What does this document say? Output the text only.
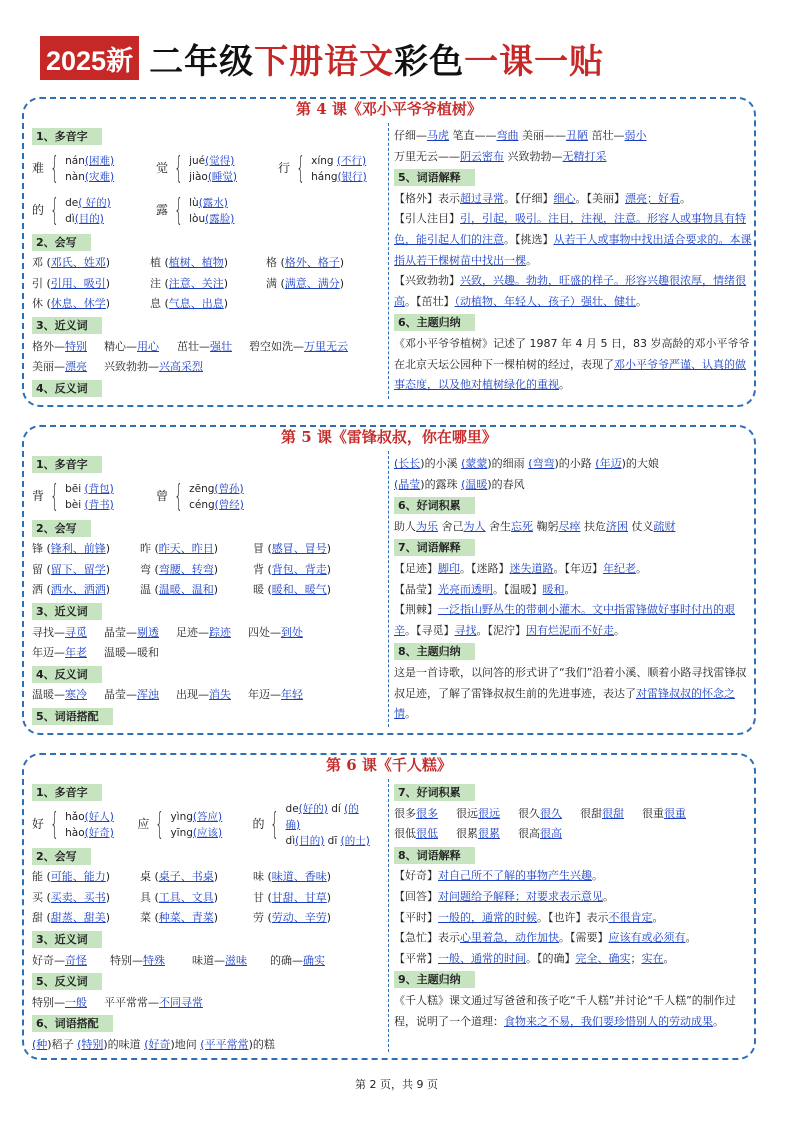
2025新 二年级下册语文彩色一课一贴
第 4 课《邓小平爷爷植树》
1、多音字
难 { nán(困难)
nàn(灾难)
觉 { jué(觉得)
jiào(睡觉)
行 { xíng (不行)
háng(银行)
的 { de( 好的)
dì(目的)
露 { lù(露水)
lòu(露脸)
2、会写
邓 (邓氏、姓邓)	植 (植树、植物)	格 (格外、格子)
引 (引用、吸引)	注 (注意、关注)	满 (满意、满分)
休 (休息、休学)	息 (气息、出息)
3、近义词
格外—特别 精心—用心 茁壮—强壮 碧空如洗—万里无云
美丽—漂亮 兴致勃勃—兴高采烈
4、反义词
仔细—马虎 笔直——弯曲 美丽——丑陋 茁壮—弱小
万里无云——阴云密布 兴致勃勃—无精打采
5、词语解释
【格外】表示超过寻常。【仔细】细心。【美丽】漂亮；好看。
【引人注目】引，引起，吸引。注目，注视，注意。形容人或事物具有特色，能引起人们的注意。【挑选】从若干人或事物中找出适合要求的。本课指从若干棵树苗中找出一棵。
【兴致勃勃】兴致，兴趣。勃勃，旺盛的样子。形容兴趣很浓厚，情绪很高。【茁壮】（动植物、年轻人、孩子）强壮、健壮。
6、主题归纳
《邓小平爷爷植树》记述了 1987 年 4 月 5 日，83 岁高龄的邓小平爷爷在北京天坛公园种下一棵柏树的经过，表现了邓小平爷爷严谨、认真的做事态度，以及他对植树绿化的重视。
第 5 课《雷锋叔叔，你在哪里》
1、多音字
背 { bēi (背包)
bèi (背书)
曾 { zēng(曾孙)
céng(曾经)
2、会写
锋 (锋利、前锋)	昨 (昨天、昨日)	冒 (感冒、冒号)
留 (留下、留学)	弯 (弯腰、转弯)	背 (背包、背走)
洒 (洒水、洒洒)	温 (温暖、温和)	暖 (暖和、暖气)
3、近义词
寻找—寻觅 晶莹—剔透 足迹—踪迹 四处—到处
年迈—年老 温暖—暖和
4、反义词
温暖—寒冷 晶莹—浑浊 出现—消失 年迈—年轻
5、词语搭配
(长长)的小溪 (蒙蒙)的细雨 (弯弯)的小路 (年迈)的大娘
(晶莹)的露珠 (温暖)的春风
6、好词积累
助人为乐 舍己为人 舍生忘死 鞠躬尽瘁 扶危济困 仗义疏财
7、词语解释
【足迹】脚印。【迷路】迷失道路。【年迈】年纪老。
【晶莹】光亮而透明。【温暖】暖和。
【荆棘】一泛指山野丛生的带刺小灌木。文中指雷锋做好事时付出的艰辛。【寻觅】寻找。【泥泞】因有烂泥而不好走。
8、主题归纳
这是一首诗歌，以问答的形式讲了“我们”沿着小溪、顺着小路寻找雷锋叔叔足迹，了解了雷锋叔叔生前的先进事迹，表达了对雷锋叔叔的怀念之情。
第 6 课《千人糕》
1、多音字
好 { hǎo(好人)
hào(好奇)
应 { yìng(答应)
yīng(应该)
的 { de(好的) dí (的确)
dì(目的) dī (的士)
2、会写
能 (可能、能力)	桌 (桌子、书桌)	味 (味道、香味)
买 (买卖、买书)	具 (工具、文具)	甘 (甘甜、甘草)
甜 (甜蒸、甜美)	菜 (种菜、青菜)	劳 (劳动、辛劳)
3、近义词
好奇—奇怪 特别—特殊 味道—滋味 的确—确实
5、反义词
特别—一般 平平常常—不同寻常
6、词语搭配
(种)稻子 (特别)的味道 (好奇)地问 (平平常常)的糕
7、好词积累
很多很多 很远很远 很久很久 很甜很甜 很重很重
很低很低 很累很累 很高很高
8、词语解释
【好奇】对自己所不了解的事物产生兴趣。
【回答】对问题给予解释；对要求表示意见。
【平时】一般的，通常的时候。【也许】表示不很肯定。
【急忙】表示心里着急，动作加快。【需要】应该有或必须有。
【平常】一般、通常的时间。【的确】完全、确实；实在。
9、主题归纳
《千人糕》课文通过写爸爸和孩子吃“千人糕”并讨论“千人糕”的制作过程，说明了一个道理：食物来之不易，我们要珍惜别人的劳动成果。
第 2 页，共 9 页
